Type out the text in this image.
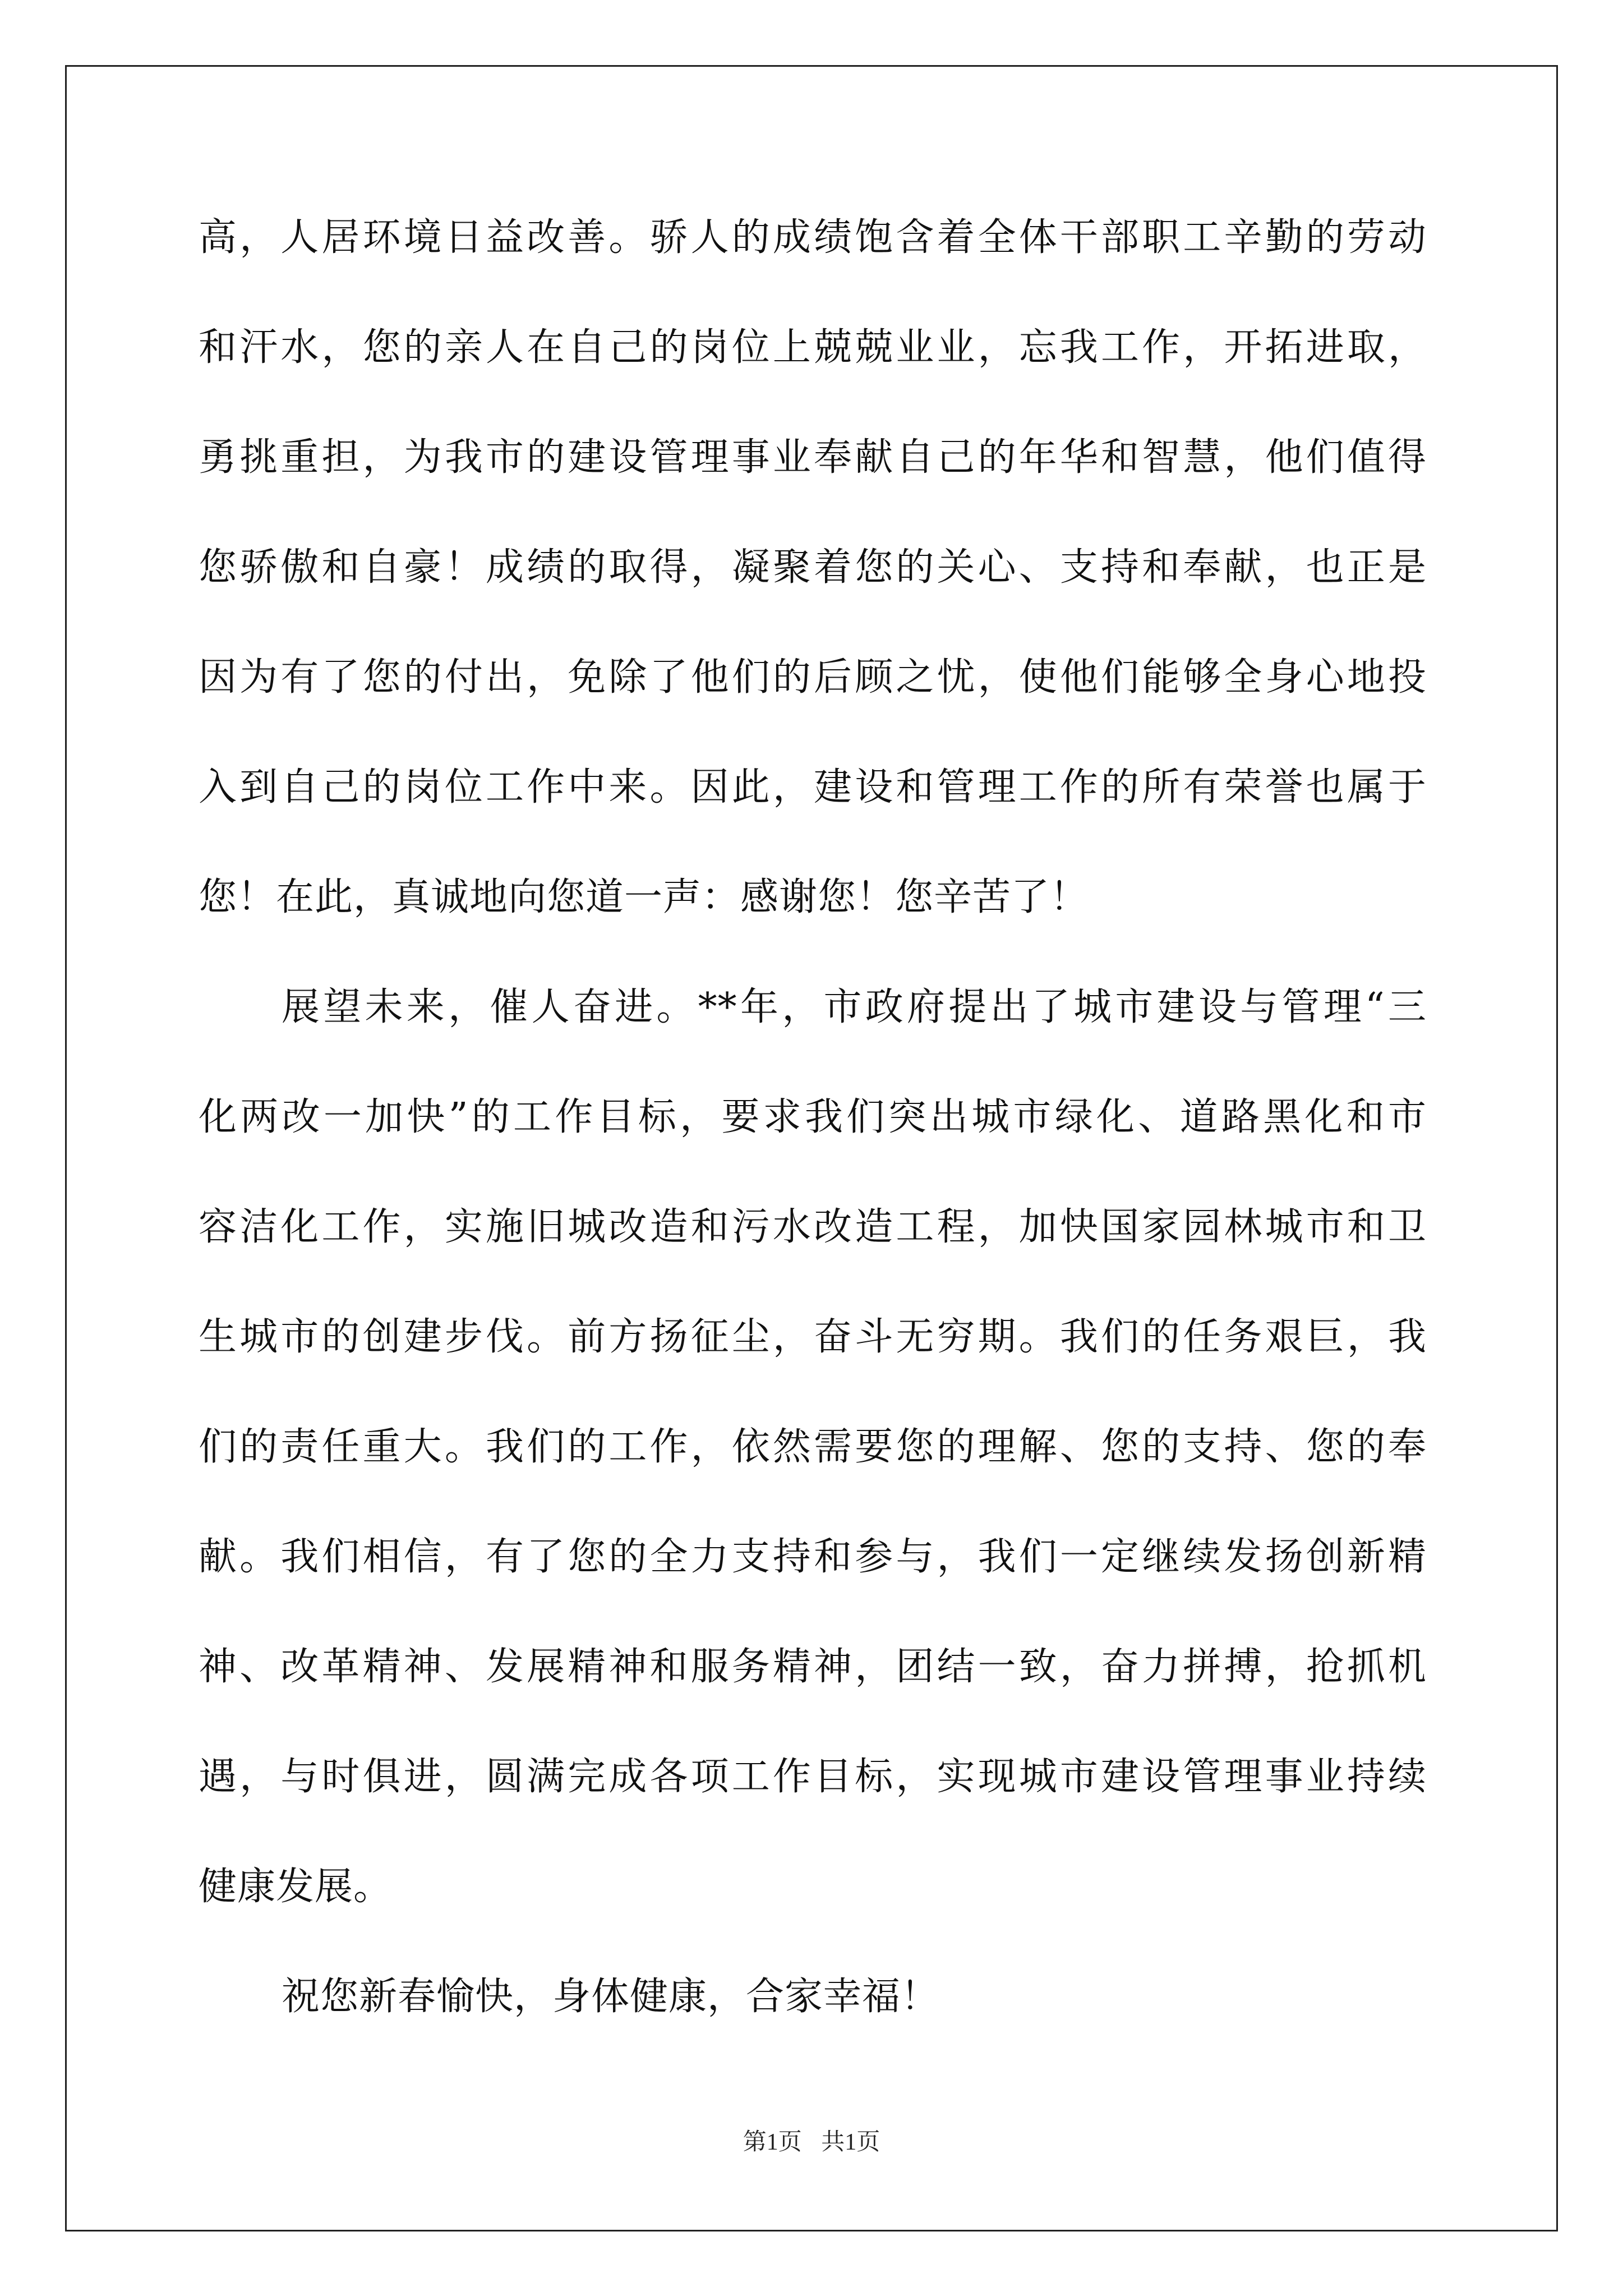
高，人居环境日益改善。骄人的成绩饱含着全体干部职工辛勤的劳动
和汗水，您的亲人在自己的岗位上兢兢业业，忘我工作，开拓进取，
勇挑重担，为我市的建设管理事业奉献自己的年华和智慧，他们值得
您骄傲和自豪！成绩的取得，凝聚着您的关心、支持和奉献，也正是
因为有了您的付出，免除了他们的后顾之忧，使他们能够全身心地投
入到自己的岗位工作中来。因此，建设和管理工作的所有荣誉也属于
您！在此，真诚地向您道一声：感谢您！您辛苦了！
展望未来，催人奋进。**年，市政府提出了城市建设与管理“三
化两改一加快”的工作目标，要求我们突出城市绿化、道路黑化和市
容洁化工作，实施旧城改造和污水改造工程，加快国家园林城市和卫
生城市的创建步伐。前方扬征尘，奋斗无穷期。我们的任务艰巨，我
们的责任重大。我们的工作，依然需要您的理解、您的支持、您的奉
献。我们相信，有了您的全力支持和参与，我们一定继续发扬创新精
神、改革精神、发展精神和服务精神，团结一致，奋力拼搏，抢抓机
遇，与时俱进，圆满完成各项工作目标，实现城市建设管理事业持续
健康发展。
祝您新春愉快，身体健康，合家幸福！
第1页 共1页
